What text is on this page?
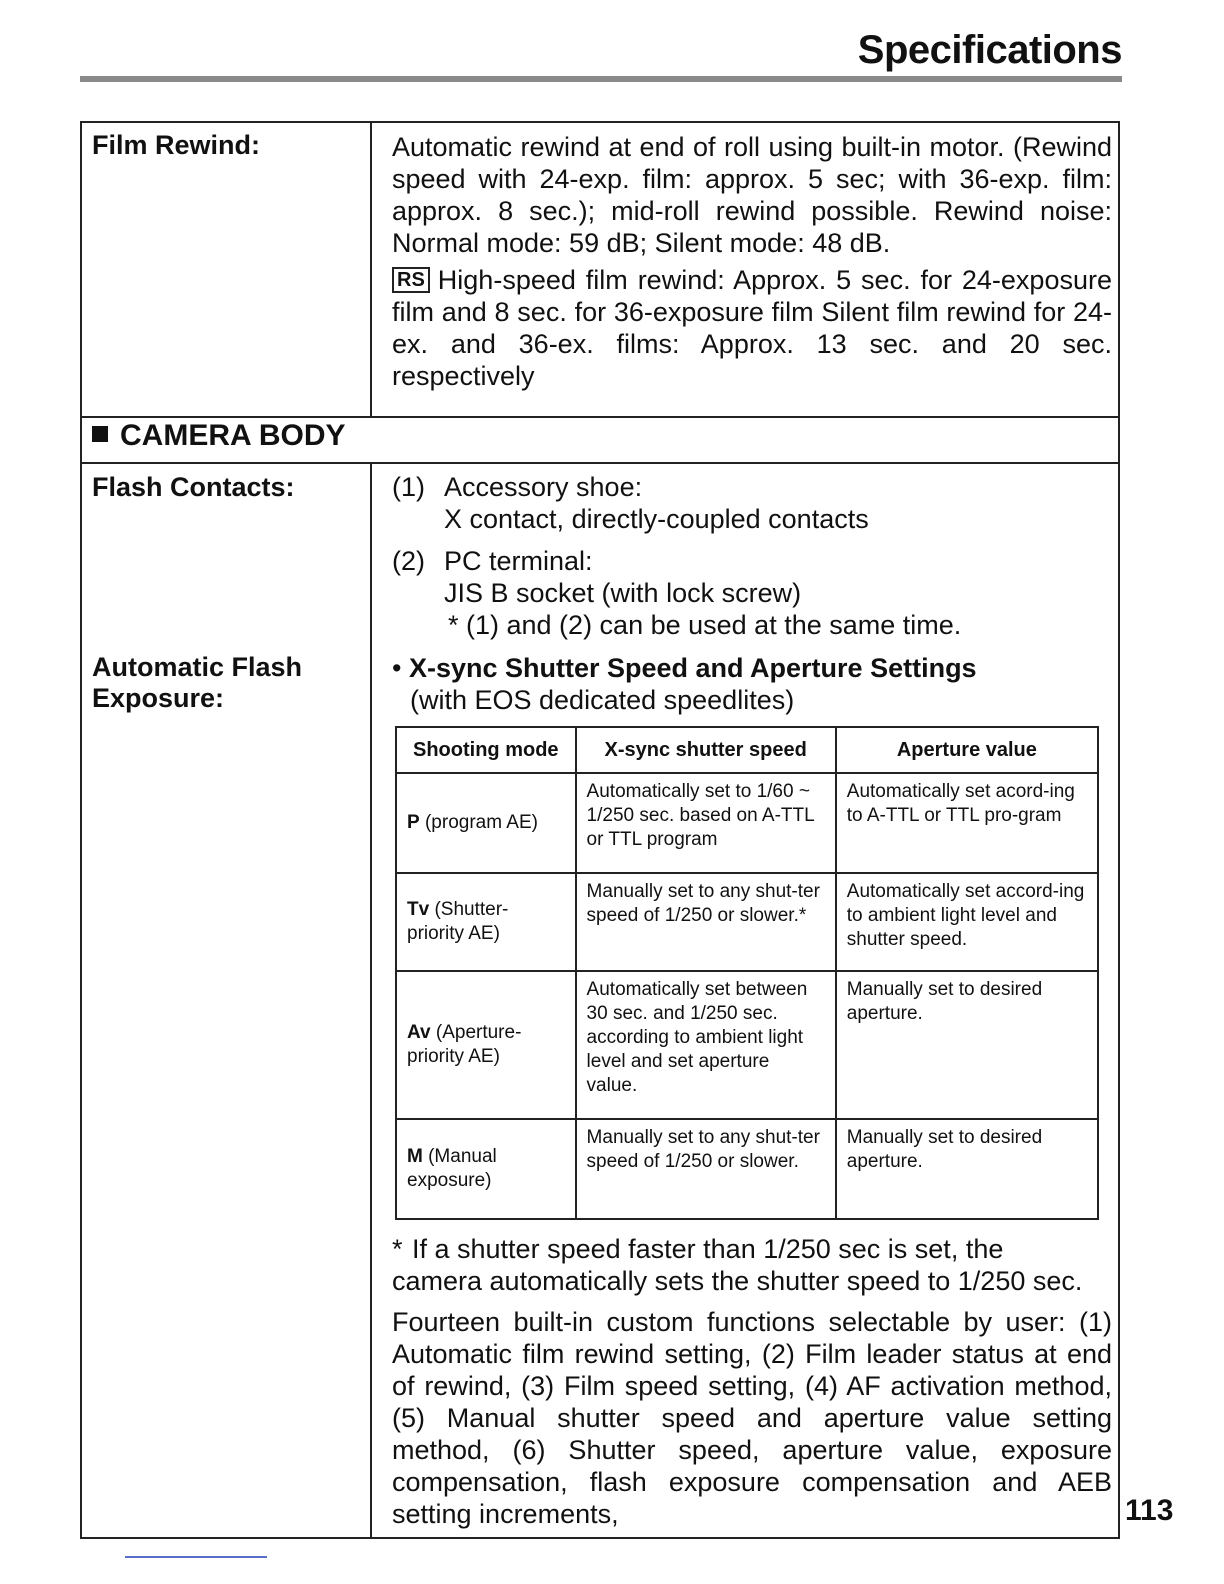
Specifications
Film Rewind:	Automatic rewind at end of roll using built-in motor. (Rewind speed with 24-exp. film: approx. 5 sec; with 36-exp. film: approx. 8 sec.); mid-roll rewind possible. Rewind noise: Normal mode: 59 dB; Silent mode: 48 dB.
RS High-speed film rewind: Approx. 5 sec. for 24-exposure film and 8 sec. for 36-exposure film Silent film rewind for 24-ex. and 36-ex. films: Approx. 13 sec. and 20 sec. respectively
CAMERA BODY
Flash Contacts:	(1) Accessory shoe:
X contact, directly-coupled contacts
(2) PC terminal:
JIS B socket (with lock screw)
* (1) and (2) can be used at the same time.
Automatic Flash
Exposure:
• X-sync Shutter Speed and Aperture Settings
(with EOS dedicated speedlites)
Shooting mode	X-sync shutter speed	Aperture value
P (program AE)	Automatically set to 1/60 ~ 1/250 sec. based on A-TTL or TTL program	Automatically set acord-ing to A-TTL or TTL pro-gram
Tv (Shutter-priority AE)	Manually set to any shut-ter speed of 1/250 or slower.*	Automatically set accord-ing to ambient light level and shutter speed.
Av (Aperture-priority AE)	Automatically set between 30 sec. and 1/250 sec. according to ambient light level and set aperture value.	Manually set to desired aperture.
M (Manual exposure)	Manually set to any shut-ter speed of 1/250 or slower.	Manually set to desired aperture.
* If a shutter speed faster than 1/250 sec is set, the camera automatically sets the shutter speed to 1/250 sec.
Fourteen built-in custom functions selectable by user: (1) Automatic film rewind setting, (2) Film leader status at end of rewind, (3) Film speed setting, (4) AF activation method, (5) Manual shutter speed and aperture value setting method, (6) Shutter speed, aperture value, exposure compensation, flash exposure compensation and AEB setting increments,	113
